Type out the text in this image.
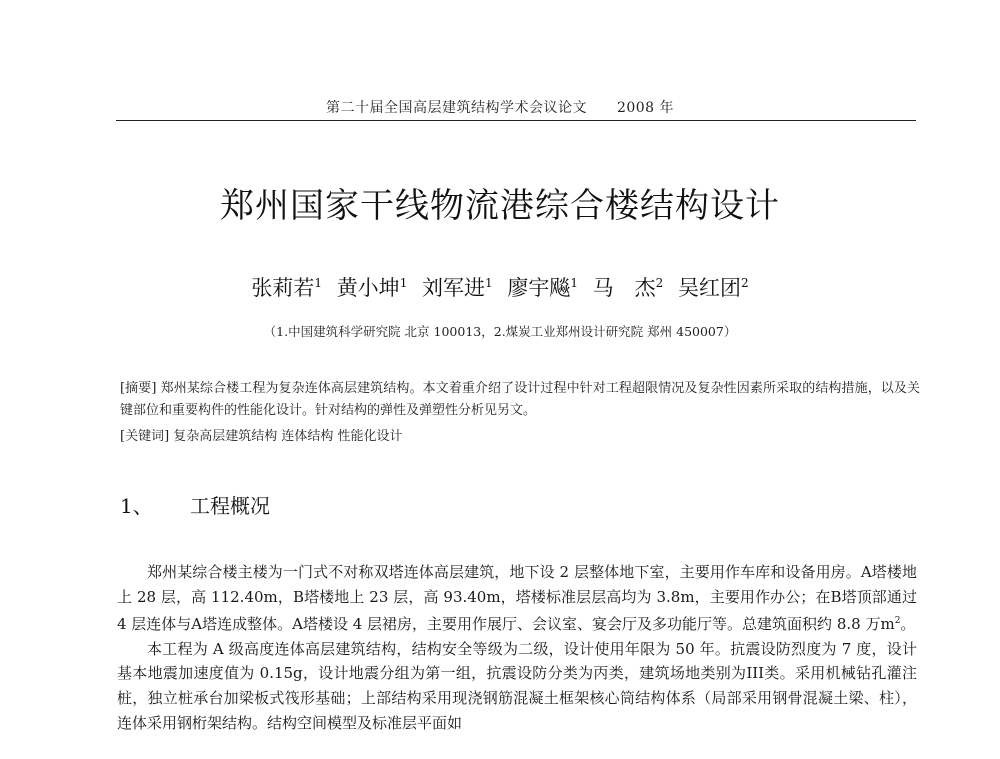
第二十届全国高层建筑结构学术会议论文 2008 年
郑州国家干线物流港综合楼结构设计
张莉若$^1$ 黄小坤$^1$ 刘军进$^1$ 廖宇飚$^1$ 马　杰$^2$ 吴红团$^2$
（1.中国建筑科学研究院 北京 100013，2.煤炭工业郑州设计研究院 郑州 450007）
[摘要] 郑州某综合楼工程为复杂连体高层建筑结构。本文着重介绍了设计过程中针对工程超限情况及复杂性因素所采取的结构措施，以及关键部位和重要构件的性能化设计。针对结构的弹性及弹塑性分析见另文。
[关键词] 复杂高层建筑结构 连体结构 性能化设计
1、 工程概况

郑州某综合楼主楼为一门式不对称双塔连体高层建筑，地下设 2 层整体地下室，主要用作车库和设备用房。A塔楼地上 28 层，高 112.40m，B塔楼地上 23 层，高 93.40m，塔楼标准层层高均为 3.8m，主要用作办公；在B塔顶部通过 4 层连体与A塔连成整体。A塔楼设 4 层裙房，主要用作展厅、会议室、宴会厅及多功能厅等。总建筑面积约 8.8 万$m^2$。

本工程为 A 级高度连体高层建筑结构，结构安全等级为二级，设计使用年限为 50 年。抗震设防烈度为 7 度，设计基本地震加速度值为 0.15g，设计地震分组为第一组，抗震设防分类为丙类，建筑场地类别为III类。采用机械钻孔灌注桩，独立桩承台加梁板式筏形基础；上部结构采用现浇钢筋混凝土框架核心筒结构体系（局部采用钢骨混凝土梁、柱），连体采用钢桁架结构。结构空间模型及标准层平面如
